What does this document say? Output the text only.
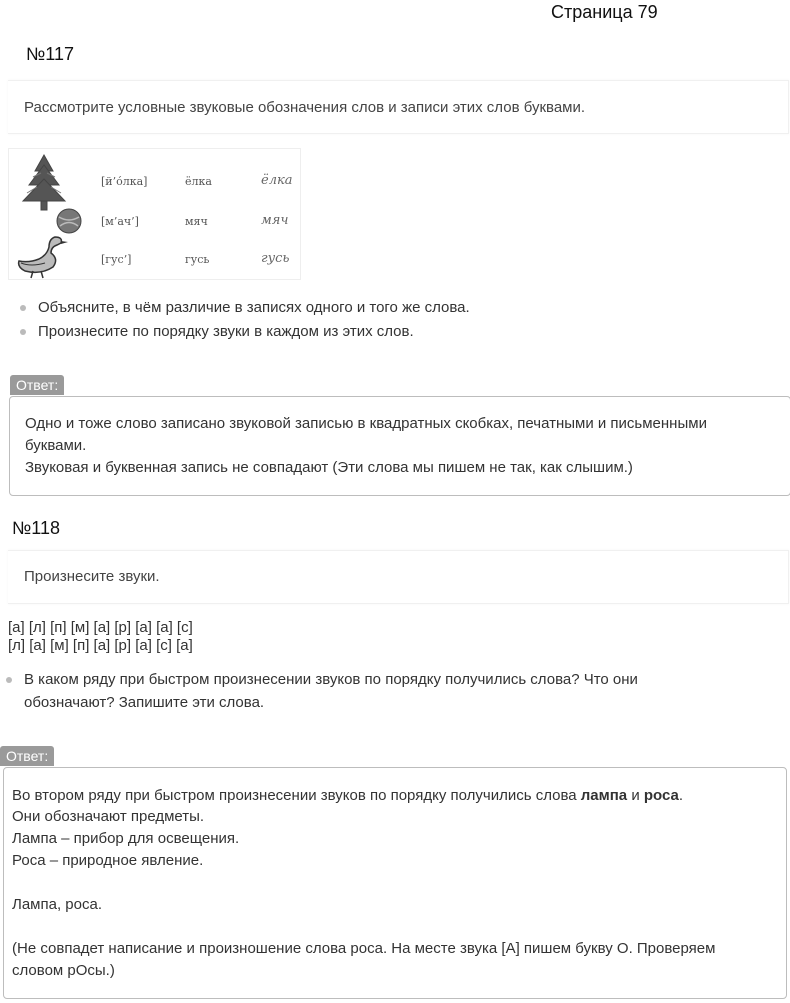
Страница 79
№117
Рассмотрите условные звуковые обозначения слов и записи этих слов буквами.
[й’о́лка]	ёлка	ёлка
[м’ач’]	мяч	мяч
[гус’]	гусь	гусь
Объясните, в чём различие в записях одного и того же слова.
Произнесите по порядку звуки в каждом из этих слов.
Ответ:

Одно и тоже слово записано звуковой записью в квадратных скобках, печатными и письменными

буквами.

Звуковая и буквенная запись не совпадают (Эти слова мы пишем не так, как слышим.)

№118
Произнесите звуки.
[а] [л] [п] [м] [а] [р] [а] [а] [с]
[л] [а] [м] [п] [а] [р] [а] [с] [а]
В каком ряду при быстром произнесении звуков по порядку получились слова? Что они
обозначают? Запишите эти слова.
Ответ:

Во втором ряду при быстром произнесении звуков по порядку получились слова лампа и роса.

Они обозначают предметы.

Лампа – прибор для освещения.

Роса – природное явление.

Лампа, роса.

(Не совпадет написание и произношение слова роса. На месте звука [А] пишем букву О. Проверяем

словом рОсы.)
